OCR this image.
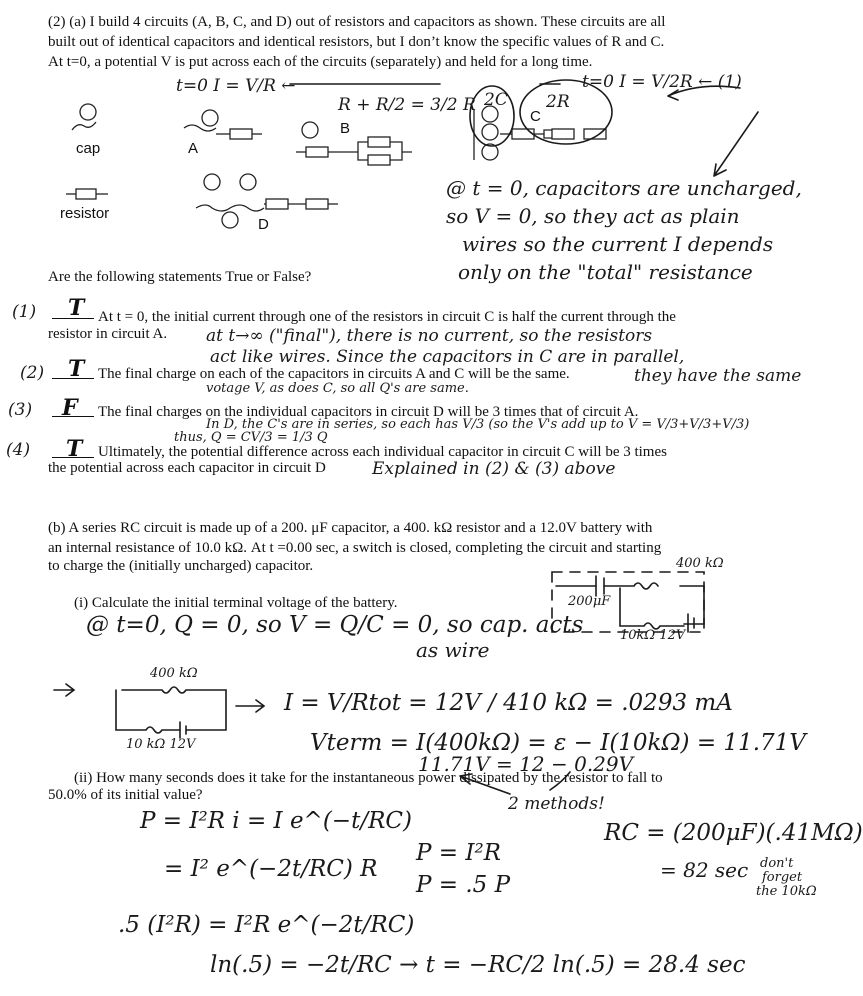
(2) (a) I build 4 circuits (A, B, C, and D) out of resistors and capacitors as shown. These circuits are all
built out of identical capacitors and identical resistors, but I don’t know the specific values of R and C.
At t=0, a potential V is put across each of the circuits (separately) and held for a long time.
cap
resistor
A
B
C
D
Are the following statements True or False?
(1) T At t = 0, the initial current through one of the resistors in circuit C is half the current through the
resistor in circuit A.
(2) T The final charge on each of the capacitors in circuits A and C will be the same.
(3) F The final charges on the individual capacitors in circuit D will be 3 times that of circuit A.
(4) T Ultimately, the potential difference across each individual capacitor in circuit C will be 3 times
the potential across each capacitor in circuit D
(b) A series RC circuit is made up of a 200. μF capacitor, a 400. kΩ resistor and a 12.0V battery with
an internal resistance of 10.0 kΩ. At t =0.00 sec, a switch is closed, completing the circuit and starting
to charge the (initially uncharged) capacitor.
(i) Calculate the initial terminal voltage of the battery.
(ii) How many seconds does it take for the instantaneous power dissipated by the resistor to fall to
50.0% of its initial value?
t=0 I = V/R ←
R + R/2 = 3/2 R 2C 2R
t=0 I = V/2R ← (1)
@ t = 0, capacitors are uncharged,
so V = 0, so they act as plain
wires so the current I depends
only on the "total" resistance
at t→∞ ("final"), there is no current, so the resistors
act like wires. Since the capacitors in C are in parallel,
they have the same
votage V, as does C, so all Q's are same.
In D, the C's are in series, so each has V/3 (so the V's add up to V = V/3+V/3+V/3)
thus, Q = CV/3 = 1/3 Q
Explained in (2) & (3) above
400 kΩ
200μF
10kΩ 12V
@ t=0, Q = 0, so V = Q/C = 0, so cap. acts
as wire
400 kΩ
10 kΩ 12V
I = V/Rtot = 12V / 410 kΩ = .0293 mA
Vterm = I(400kΩ) = ε − I(10kΩ) = 11.71V
11.71V = 12 − 0.29V
2 methods!
P = I²R i = I e^(−t/RC)
= I² e^(−2t/RC) R
P = I²R
P = .5 P
.5 (I²R) = I²R e^(−2t/RC)
ln(.5) = −2t/RC → t = −RC/2 ln(.5) = 28.4 sec
RC = (200μF)(.41MΩ)
= 82 sec don't
forget
the 10kΩ
